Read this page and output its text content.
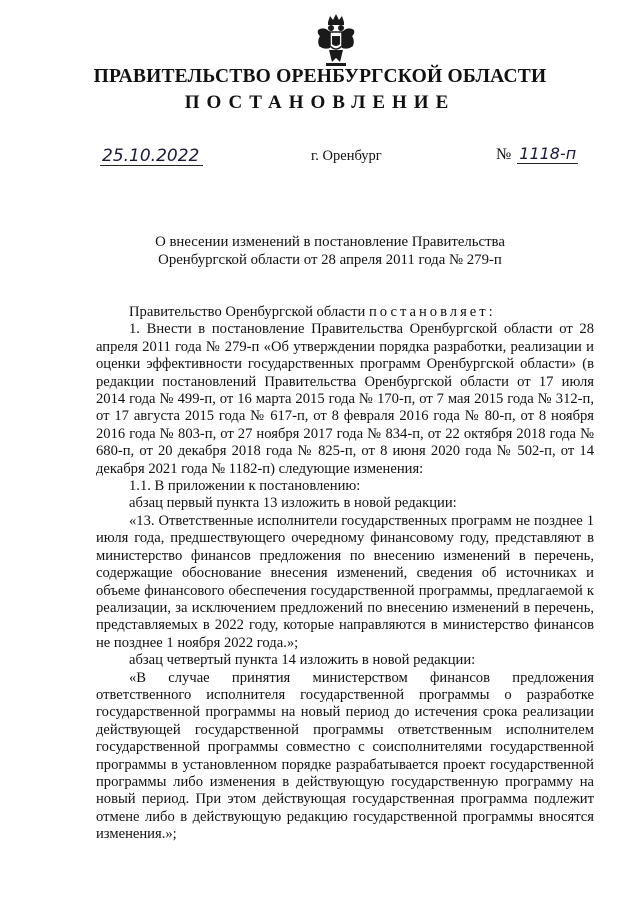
ПРАВИТЕЛЬСТВО ОРЕНБУРГСКОЙ ОБЛАСТИ
ПОСТАНОВЛЕНИЕ
25.10.2022	г. Оренбург	№ 1118-п
О внесении изменений в постановление Правительства Оренбургской области от 28 апреля 2011 года № 279-п

Правительство Оренбургской области постановляет:

1. Внести в постановление Правительства Оренбургской области от 28 апреля 2011 года № 279-п «Об утверждении порядка разработки, реализации и оценки эффективности государственных программ Оренбургской области» (в редакции постановлений Правительства Оренбургской области от 17 июля 2014 года № 499-п, от 16 марта 2015 года № 170-п, от 7 мая 2015 года № 312-п, от 17 августа 2015 года № 617-п, от 8 февраля 2016 года № 80-п, от 8 ноября 2016 года № 803-п, от 27 ноября 2017 года № 834-п, от 22 октября 2018 года № 680-п, от 20 декабря 2018 года № 825-п, от 8 июня 2020 года № 502-п, от 14 декабря 2021 года № 1182-п) следующие изменения:

1.1. В приложении к постановлению:

абзац первый пункта 13 изложить в новой редакции:

«13. Ответственные исполнители государственных программ не позднее 1 июля года, предшествующего очередному финансовому году, представляют в министерство финансов предложения по внесению изменений в перечень, содержащие обоснование внесения изменений, сведения об источниках и объеме финансового обеспечения государственной программы, предлагаемой к реализации, за исключением предложений по внесению изменений в перечень, представляемых в 2022 году, которые направляются в министерство финансов не позднее 1 ноября 2022 года.»;

абзац четвертый пункта 14 изложить в новой редакции:

«В случае принятия министерством финансов предложения ответственного исполнителя государственной программы о разработке государственной программы на новый период до истечения срока реализации действующей государственной программы ответственным исполнителем государственной программы совместно с соисполнителями государственной программы в установленном порядке разрабатывается проект государственной программы либо изменения в действующую государственную программу на новый период. При этом действующая государственная программа подлежит отмене либо в действующую редакцию государственной программы вносятся изменения.»;
